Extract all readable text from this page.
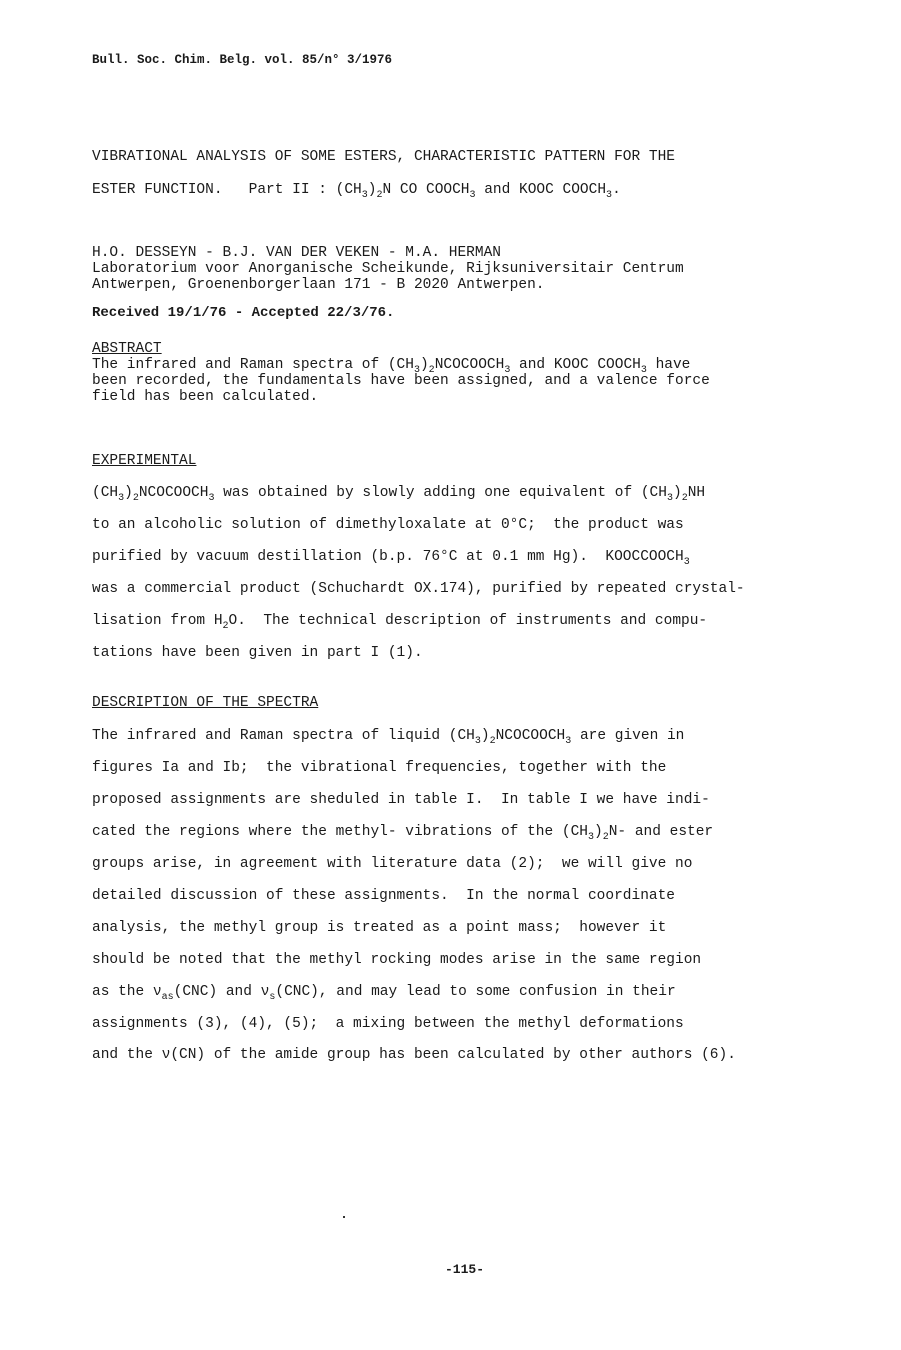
Bull. Soc. Chim. Belg. vol. 85/n° 3/1976
VIBRATIONAL ANALYSIS OF SOME ESTERS, CHARACTERISTIC PATTERN FOR THE
ESTER FUNCTION.   Part II : $(CH_3)_2N$ CO $COOCH_3$ and KOOC $COOCH_3$.
H.O. DESSEYN - B.J. VAN DER VEKEN - M.A. HERMAN
Laboratorium voor Anorganische Scheikunde, Rijksuniversitair Centrum
Antwerpen, Groenenborgerlaan 171 - B 2020 Antwerpen.
Received 19/1/76 - Accepted 22/3/76.
ABSTRACT
The infrared and Raman spectra of $(CH_3)_2NCOCOOCH_3$ and KOOC $COOCH_3$ have
been recorded, the fundamentals have been assigned, and a valence force
field has been calculated.
EXPERIMENTAL
$(CH_3)_2NCOCOOCH_3$ was obtained by slowly adding one equivalent of $(CH_3)_2NH$
to an alcoholic solution of dimethyloxalate at 0°C;  the product was
purified by vacuum destillation (b.p. 76°C at 0.1 mm Hg).  $KOOCCOOCH_3$
was a commercial product (Schuchardt OX.174), purified by repeated crystal-
lisation from $H_2O$.  The technical description of instruments and compu-
tations have been given in part I (1).
DESCRIPTION OF THE SPECTRA
The infrared and Raman spectra of liquid $(CH_3)_2NCOCOOCH_3$ are given in
figures Ia and Ib;  the vibrational frequencies, together with the
proposed assignments are sheduled in table I.  In table I we have indi-
cated the regions where the methyl- vibrations of the $(CH_3)_2N-$ and ester
groups arise, in agreement with literature data (2);  we will give no
detailed discussion of these assignments.  In the normal coordinate
analysis, the methyl group is treated as a point mass;  however it
should be noted that the methyl rocking modes arise in the same region
as the $\nu_{as}(CNC)$ and $\nu_s(CNC)$, and may lead to some confusion in their
assignments (3), (4), (5);  a mixing between the methyl deformations
and the ν(CN) of the amide group has been calculated by other authors (6).
-115-
